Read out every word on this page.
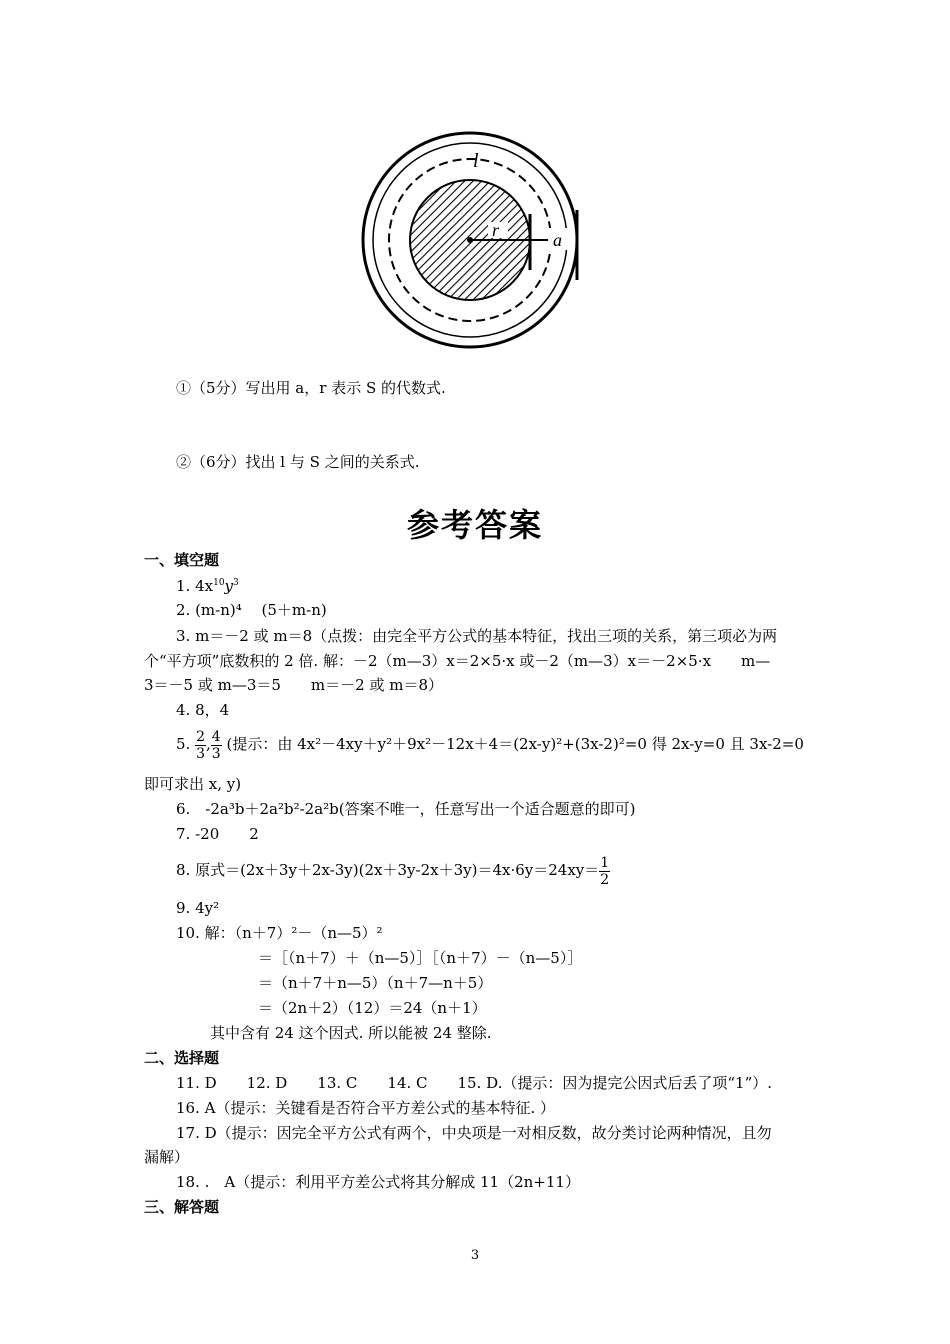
l
r	a
①（5分）写出用 a，r 表示 S 的代数式.
②（6分）找出 l 与 S 之间的关系式.
参考答案
一、填空题
1. $4x^{10}y^3$
2. (m-n)⁴　 (5＋m-n)
3. m＝－2 或 m＝8（点拨：由完全平方公式的基本特征，找出三项的关系，第三项必为两
个“平方项”底数积的 2 倍. 解：－2（m—3）x＝2×5·x 或－2（m—3）x＝－2×5·x　　m—
3＝－5 或 m—3＝5　　m＝－2 或 m＝8）
4. 8，4
5. $\frac{2}{3}$ , $\frac{4}{3}$ (提示：由 4x²－4xy＋y²＋9x²－12x＋4＝(2x-y)²+(3x-2)²=0 得 2x-y=0 且 3x-2=0
即可求出 x, y)
6.　-2a³b＋2a²b²-2a²b(答案不唯一，任意写出一个适合题意的即可)
7. -20　　2
8. 原式$=(2x+3y+2x-3y)(2x+3y-2x+3y)=4x\cdot 6y=24xy= \frac{1}{2}$
9. 4y²
10. 解：（n＋7）²－（n—5）²
＝［（n＋7）＋（n—5）］［（n＋7）－（n—5）］
＝（n＋7＋n—5）（n＋7—n＋5）
＝（2n＋2）（12）＝24（n＋1）
其中含有 24 这个因式. 所以能被 24 整除.
二、选择题
11. D　　12. D　　13. C　　14. C　　15. D.（提示：因为提完公因式后丢了项“1”）.
16. A（提示：关键看是否符合平方差公式的基本特征. ）
17. D（提示：因完全平方公式有两个，中央项是一对相反数，故分类讨论两种情况，且勿
漏解）
18. .　A（提示：利用平方差公式将其分解成 11（2n+11）
三、解答题
3
